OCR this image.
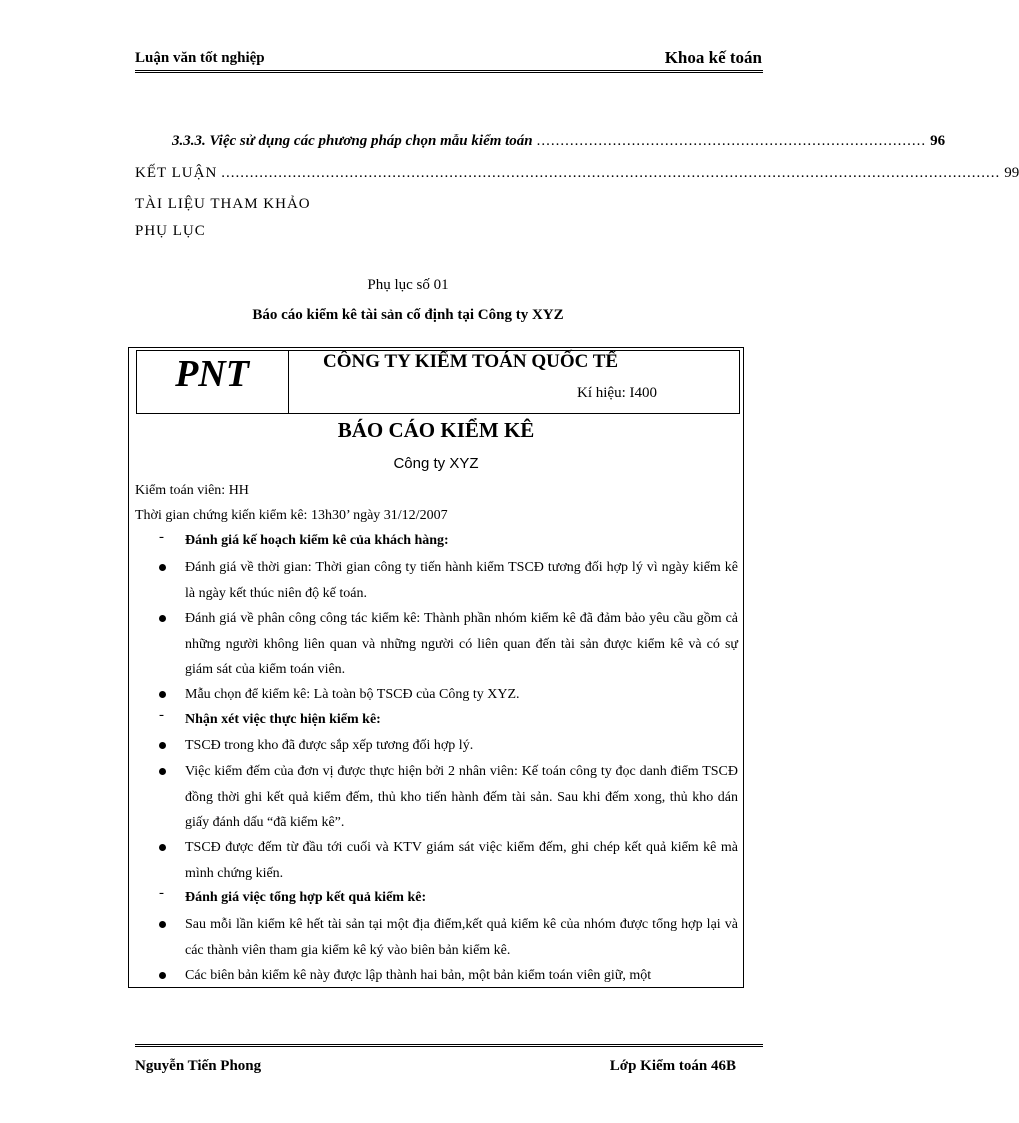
Luận văn tốt nghiệp	Khoa kế toán
3.3.3. Việc sử dụng các phương pháp chọn mẫu kiểm toán .................................................................................. 96
KẾT LUẬN .................................................................................................................................................................... 99
TÀI LIỆU THAM KHẢO
PHỤ LỤC
Phụ lục số 01
Báo cáo kiểm kê tài sản cố định tại Công ty XYZ
PNT	CÔNG TY KIỂM TOÁN QUỐC TẾ
Kí hiệu: I400
BÁO CÁO KIỂM KÊ
Công ty XYZ
Kiểm toán viên: HH
Thời gian chứng kiến kiểm kê: 13h30’ ngày 31/12/2007
- Đánh giá kế hoạch kiểm kê của khách hàng:
Đánh giá về thời gian: Thời gian công ty tiến hành kiểm TSCĐ tương đối hợp lý vì ngày kiểm kê là ngày kết thúc niên độ kế toán.
Đánh giá về phân công công tác kiểm kê: Thành phần nhóm kiểm kê đã đảm bảo yêu cầu gồm cả những người không liên quan và những người có liên quan đến tài sản được kiểm kê và có sự giám sát của kiểm toán viên.
Mẫu chọn để kiểm kê: Là toàn bộ TSCĐ của Công ty XYZ.
- Nhận xét việc thực hiện kiểm kê:
TSCĐ trong kho đã được sắp xếp tương đối hợp lý.
Việc kiểm đếm của đơn vị được thực hiện bởi 2 nhân viên: Kế toán công ty đọc danh điểm TSCĐ đồng thời ghi kết quả kiểm đếm, thủ kho tiến hành đếm tài sản. Sau khi đếm xong, thủ kho dán giấy đánh dấu “đã kiểm kê”.
TSCĐ được đếm từ đầu tới cuối và KTV giám sát việc kiểm đếm, ghi chép kết quả kiểm kê mà mình chứng kiến.
- Đánh giá việc tổng hợp kết quả kiểm kê:
Sau mỗi lần kiểm kê hết tài sản tại một địa điểm,kết quả kiểm kê của nhóm được tổng hợp lại và các thành viên tham gia kiểm kê ký vào biên bản kiểm kê.
Các biên bản kiểm kê này được lập thành hai bản, một bản kiểm toán viên giữ, một
Nguyễn Tiến Phong	Lớp Kiểm toán 46B
